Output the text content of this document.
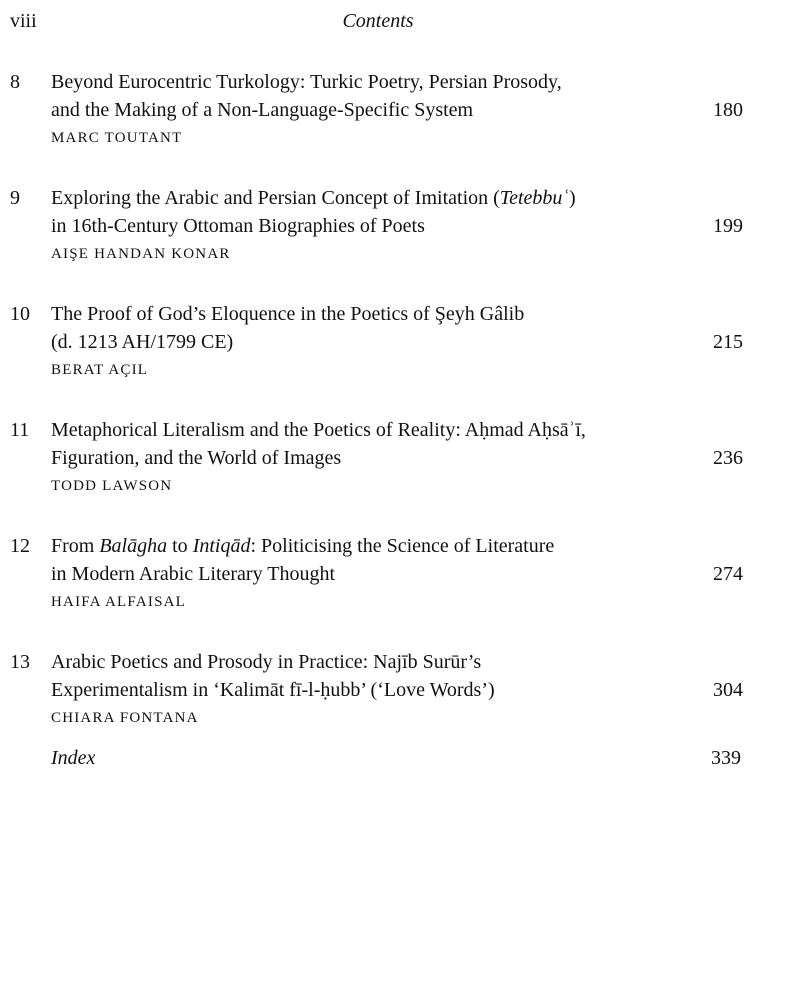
viii	Contents
8 Beyond Eurocentric Turkology: Turkic Poetry, Persian Prosody,
and the Making of a Non-Language-Specific System
MARC TOUTANT
180
9 Exploring the Arabic and Persian Concept of Imitation (Tetebbuʿ)
in 16th-Century Ottoman Biographies of Poets
AIŞE HANDAN KONAR
199
10 The Proof of God’s Eloquence in the Poetics of Şeyh Gâlib
(d. 1213 AH/1799 CE)
BERAT AÇIL
215
11 Metaphorical Literalism and the Poetics of Reality: Aḥmad Aḥsāʾī,
Figuration, and the World of Images
TODD LAWSON
236
12 From Balāgha to Intiqād: Politicising the Science of Literature
in Modern Arabic Literary Thought
HAIFA ALFAISAL
274
13 Arabic Poetics and Prosody in Practice: Najīb Surūr’s
Experimentalism in ‘Kalimāt fī-l-ḥubb’ (‘Love Words’)
CHIARA FONTANA
304
Index	339
